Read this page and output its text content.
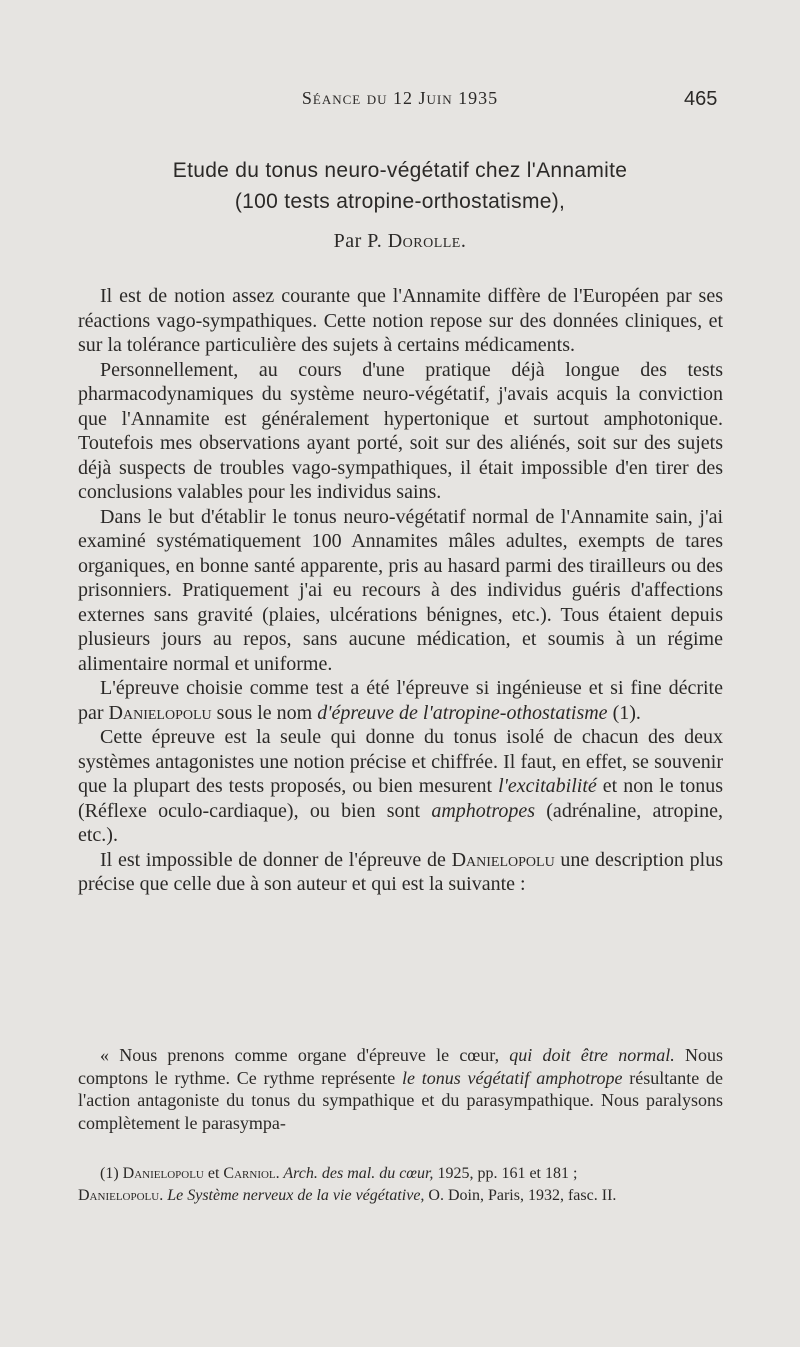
Séance du 12 Juin 1935	465
Etude du tonus neuro-végétatif chez l'Annamite
(100 tests atropine-orthostatisme),
Par P. Dorolle.

Il est de notion assez courante que l'Annamite diffère de l'Européen par ses réactions vago-sympathiques. Cette notion repose sur des données cliniques, et sur la tolérance particulière des sujets à certains médicaments.

Personnellement, au cours d'une pratique déjà longue des tests pharmacodynamiques du système neuro-végétatif, j'avais acquis la conviction que l'Annamite est généralement hypertonique et surtout amphotonique. Toutefois mes observations ayant porté, soit sur des aliénés, soit sur des sujets déjà suspects de troubles vago-sympathiques, il était impossible d'en tirer des conclusions valables pour les individus sains.

Dans le but d'établir le tonus neuro-végétatif normal de l'Annamite sain, j'ai examiné systématiquement 100 Annamites mâles adultes, exempts de tares organiques, en bonne santé apparente, pris au hasard parmi des tirailleurs ou des prisonniers. Pratiquement j'ai eu recours à des individus guéris d'affections externes sans gravité (plaies, ulcérations bénignes, etc.). Tous étaient depuis plusieurs jours au repos, sans aucune médication, et soumis à un régime alimentaire normal et uniforme.

L'épreuve choisie comme test a été l'épreuve si ingénieuse et si fine décrite par Danielopolu sous le nom d'épreuve de l'atropine-othostatisme (1).

Cette épreuve est la seule qui donne du tonus isolé de chacun des deux systèmes antagonistes une notion précise et chiffrée. Il faut, en effet, se souvenir que la plupart des tests proposés, ou bien mesurent l'excitabilité et non le tonus (Réflexe oculo-cardiaque), ou bien sont amphotropes (adrénaline, atropine, etc.).

Il est impossible de donner de l'épreuve de Danielopolu une description plus précise que celle due à son auteur et qui est la suivante :

« Nous prenons comme organe d'épreuve le cœur, qui doit être normal. Nous comptons le rythme. Ce rythme représente le tonus végétatif amphotrope résultante de l'action antagoniste du tonus du sympathique et du parasympathique. Nous paralysons complètement le parasympa-

(1) Danielopolu et Carniol. Arch. des mal. du cœur, 1925, pp. 161 et 181 ;
Danielopolu. Le Système nerveux de la vie végétative, O. Doin, Paris, 1932, fasc. II.
